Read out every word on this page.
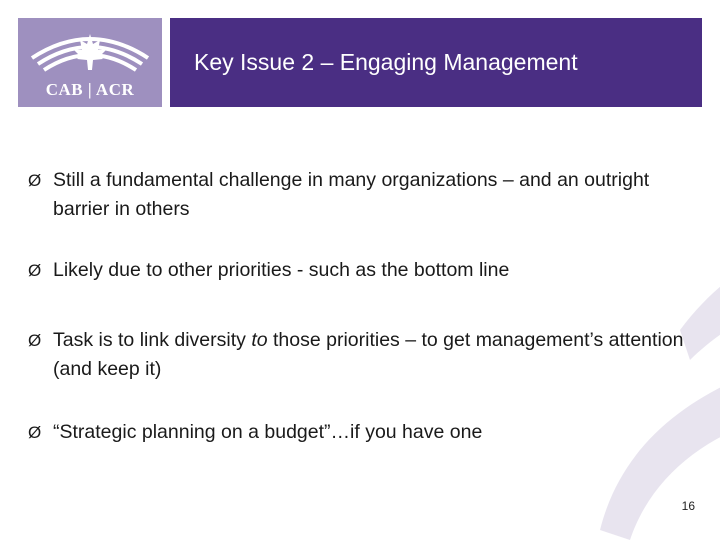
CAB | ACR
Key Issue 2 – Engaging Management
Ø Still a fundamental challenge in many organizations – and an outright barrier in others
Ø Likely due to other priorities - such as the bottom line
Ø Task is to link diversity to those priorities – to get management’s attention (and keep it)
Ø “Strategic planning on a budget”…if you have one
16
